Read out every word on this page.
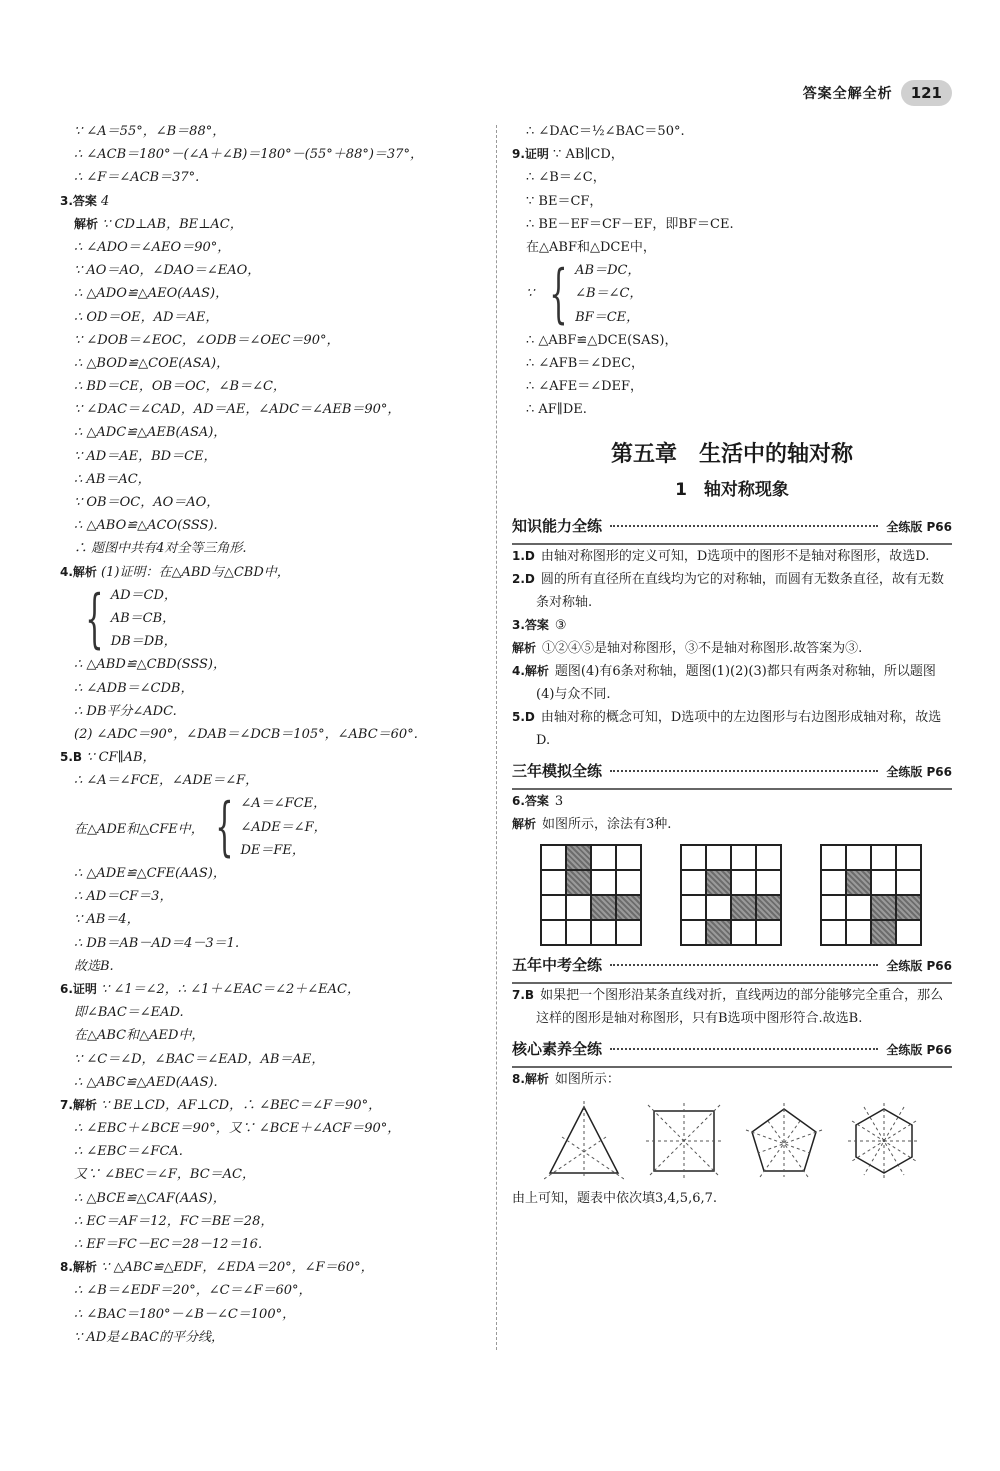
答案全解全析	121
∵ ∠A＝55°，∠B＝88°，
∴ ∠ACB＝180°－(∠A＋∠B)＝180°－(55°＋88°)＝37°，
∴ ∠F＝∠ACB＝37°.
3.答案 4
解析 ∵ CD⊥AB，BE⊥AC，
∴ ∠ADO＝∠AEO＝90°，
∵ AO＝AO，∠DAO＝∠EAO，
∴ △ADO≌△AEO(AAS)，
∴ OD＝OE，AD＝AE，
∵ ∠DOB＝∠EOC，∠ODB＝∠OEC＝90°，
∴ △BOD≌△COE(ASA)，
∴ BD＝CE，OB＝OC，∠B＝∠C，
∵ ∠DAC＝∠CAD，AD＝AE，∠ADC＝∠AEB＝90°，
∴ △ADC≌△AEB(ASA)，
∵ AD＝AE，BD＝CE，
∴ AB＝AC，
∵ OB＝OC，AO＝AO，
∴ △ABO≌△ACO(SSS).
∴ 题图中共有4对全等三角形.
4.解析 (1)证明：在△ABD与△CBD中，
{ AD＝CD，
AB＝CB，
DB＝DB，
∴ △ABD≌△CBD(SSS)，
∴ ∠ADB＝∠CDB，
∴ DB平分∠ADC.
(2) ∠ADC＝90°，∠DAB＝∠DCB＝105°，∠ABC＝60°.
5.B ∵ CF∥AB，
∴ ∠A＝∠FCE，∠ADE＝∠F，
在△ADE和△CFE中， { ∠A＝∠FCE，
∠ADE＝∠F，
DE＝FE，
∴ △ADE≌△CFE(AAS)，
∴ AD＝CF＝3，
∵ AB＝4，
∴ DB＝AB－AD＝4－3＝1.
故选B.
6.证明 ∵ ∠1＝∠2，∴ ∠1＋∠EAC＝∠2＋∠EAC，
即∠BAC＝∠EAD.
在△ABC和△AED中，
∵ ∠C＝∠D，∠BAC＝∠EAD，AB＝AE，
∴ △ABC≌△AED(AAS).
7.解析 ∵ BE⊥CD，AF⊥CD，∴ ∠BEC＝∠F＝90°，
∴ ∠EBC＋∠BCE＝90°，又∵ ∠BCE＋∠ACF＝90°，
∴ ∠EBC＝∠FCA.
又∵ ∠BEC＝∠F，BC＝AC，
∴ △BCE≌△CAF(AAS)，
∴ EC＝AF＝12，FC＝BE＝28，
∴ EF＝FC－EC＝28－12＝16.
8.解析 ∵ △ABC≌△EDF，∠EDA＝20°，∠F＝60°，
∴ ∠B＝∠EDF＝20°，∠C＝∠F＝60°，
∴ ∠BAC＝180°－∠B－∠C＝100°，
∵ AD是∠BAC的平分线，
∴ ∠DAC＝½∠BAC＝50°.
9.证明 ∵ AB∥CD，
∴ ∠B＝∠C，
∵ BE＝CF，
∴ BE－EF＝CF－EF，即BF＝CE.
在△ABF和△DCE中，
∵ { AB＝DC，
∠B＝∠C，
BF＝CE，
∴ △ABF≌△DCE(SAS)，
∴ ∠AFB＝∠DEC，
∴ ∠AFE＝∠DEF，
∴ AF∥DE.
第五章　生活中的轴对称
1　轴对称现象
知识能力全练	全练版 P66
1.D 由轴对称图形的定义可知，D选项中的图形不是轴对称图形，故选D.
2.D 圆的所有直径所在直线均为它的对称轴，而圆有无数条直径，故有无数条对称轴.
3.答案 ③
解析 ①②④⑤是轴对称图形，③不是轴对称图形.故答案为③.
4.解析 题图(4)有6条对称轴，题图(1)(2)(3)都只有两条对称轴，所以题图(4)与众不同.
5.D 由轴对称的概念可知，D选项中的左边图形与右边图形成轴对称，故选D.
三年模拟全练	全练版 P66
6.答案 3
解析 如图所示，涂法有3种.
五年中考全练	全练版 P66
7.B 如果把一个图形沿某条直线对折，直线两边的部分能够完全重合，那么这样的图形是轴对称图形，只有B选项中图形符合.故选B.
核心素养全练	全练版 P66
8.解析 如图所示：
由上可知，题表中依次填3,4,5,6,7.
